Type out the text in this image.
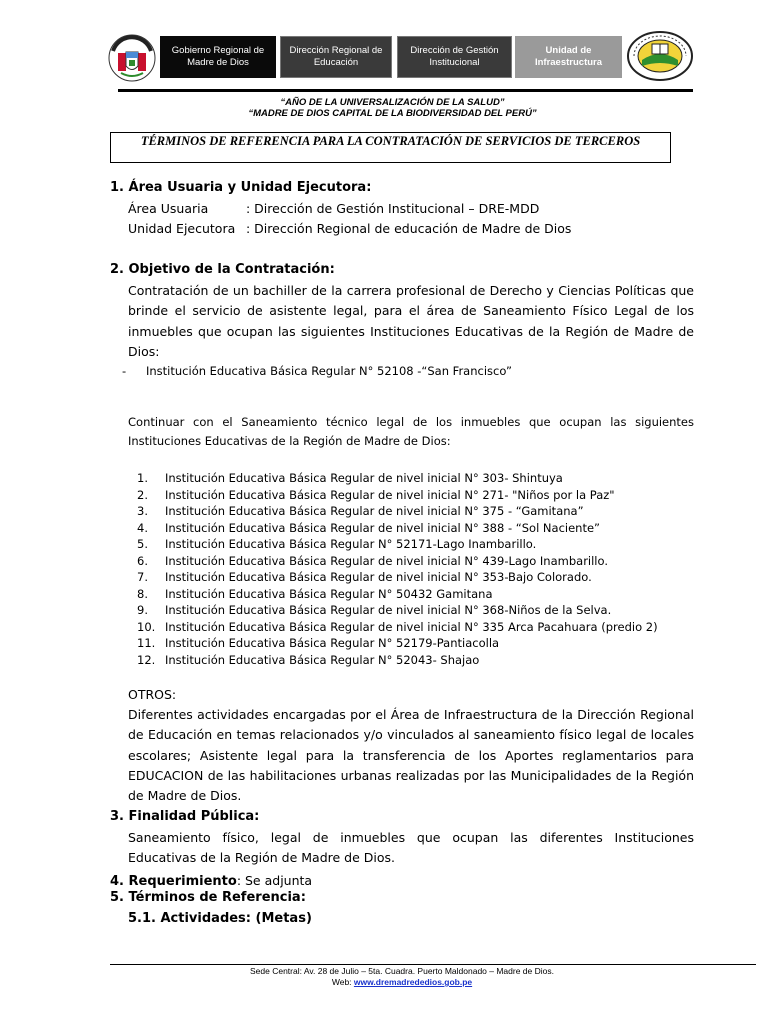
Gobierno Regional de Madre de Dios
Dirección Regional de Educación
Dirección de Gestión Institucional
Unidad de Infraestructura
“AÑO DE LA UNIVERSALIZACIÓN DE LA SALUD”
“MADRE DE DIOS CAPITAL DE LA BIODIVERSIDAD DEL PERÚ”
TÉRMINOS DE REFERENCIA PARA LA CONTRATACIÓN DE SERVICIOS DE TERCEROS
1. Área Usuaria y Unidad Ejecutora:
Área Usuaria	: Dirección de Gestión Institucional – DRE-MDD
Unidad Ejecutora : Dirección Regional de educación de Madre de Dios
2. Objetivo de la Contratación:
Contratación de un bachiller de la carrera profesional de Derecho y Ciencias Políticas que brinde el servicio de asistente legal, para el área de Saneamiento Físico Legal de los inmuebles que ocupan las siguientes Instituciones Educativas de la Región de Madre de Dios:
- Institución Educativa Básica Regular N° 52108 -“San Francisco”
Continuar con el Saneamiento técnico legal de los inmuebles que ocupan las siguientes Instituciones Educativas de la Región de Madre de Dios:
1.	Institución Educativa Básica Regular de nivel inicial N° 303- Shintuya
2.	Institución Educativa Básica Regular de nivel inicial N° 271- "Niños por la Paz"
3.	Institución Educativa Básica Regular de nivel inicial N° 375 - “Gamitana”
4.	Institución Educativa Básica Regular de nivel inicial N° 388 - “Sol Naciente”
5.	Institución Educativa Básica Regular N° 52171-Lago Inambarillo.
6.	Institución Educativa Básica Regular de nivel inicial N° 439-Lago Inambarillo.
7.	Institución Educativa Básica Regular de nivel inicial N° 353-Bajo Colorado.
8.	Institución Educativa Básica Regular N° 50432 Gamitana
9.	Institución Educativa Básica Regular de nivel inicial N° 368-Niños de la Selva.
10. Institución Educativa Básica Regular de nivel inicial N° 335 Arca Pacahuara (predio 2)
11. Institución Educativa Básica Regular N° 52179-Pantiacolla
12. Institución Educativa Básica Regular N° 52043- Shajao
OTROS:
Diferentes actividades encargadas por el Área de Infraestructura de la Dirección Regional de Educación en temas relacionados y/o vinculados al saneamiento físico legal de locales escolares; Asistente legal para la transferencia de los Aportes reglamentarios para EDUCACION de las habilitaciones urbanas realizadas por las Municipalidades de la Región de Madre de Dios.
3. Finalidad Pública:
Saneamiento físico, legal de inmuebles que ocupan las diferentes Instituciones Educativas de la Región de Madre de Dios.
4. Requerimiento: Se adjunta
5. Términos de Referencia:
5.1. Actividades: (Metas)
Sede Central: Av. 28 de Julio – 5ta. Cuadra. Puerto Maldonado – Madre de Dios.
Web: www.dremadrededios.gob.pe
